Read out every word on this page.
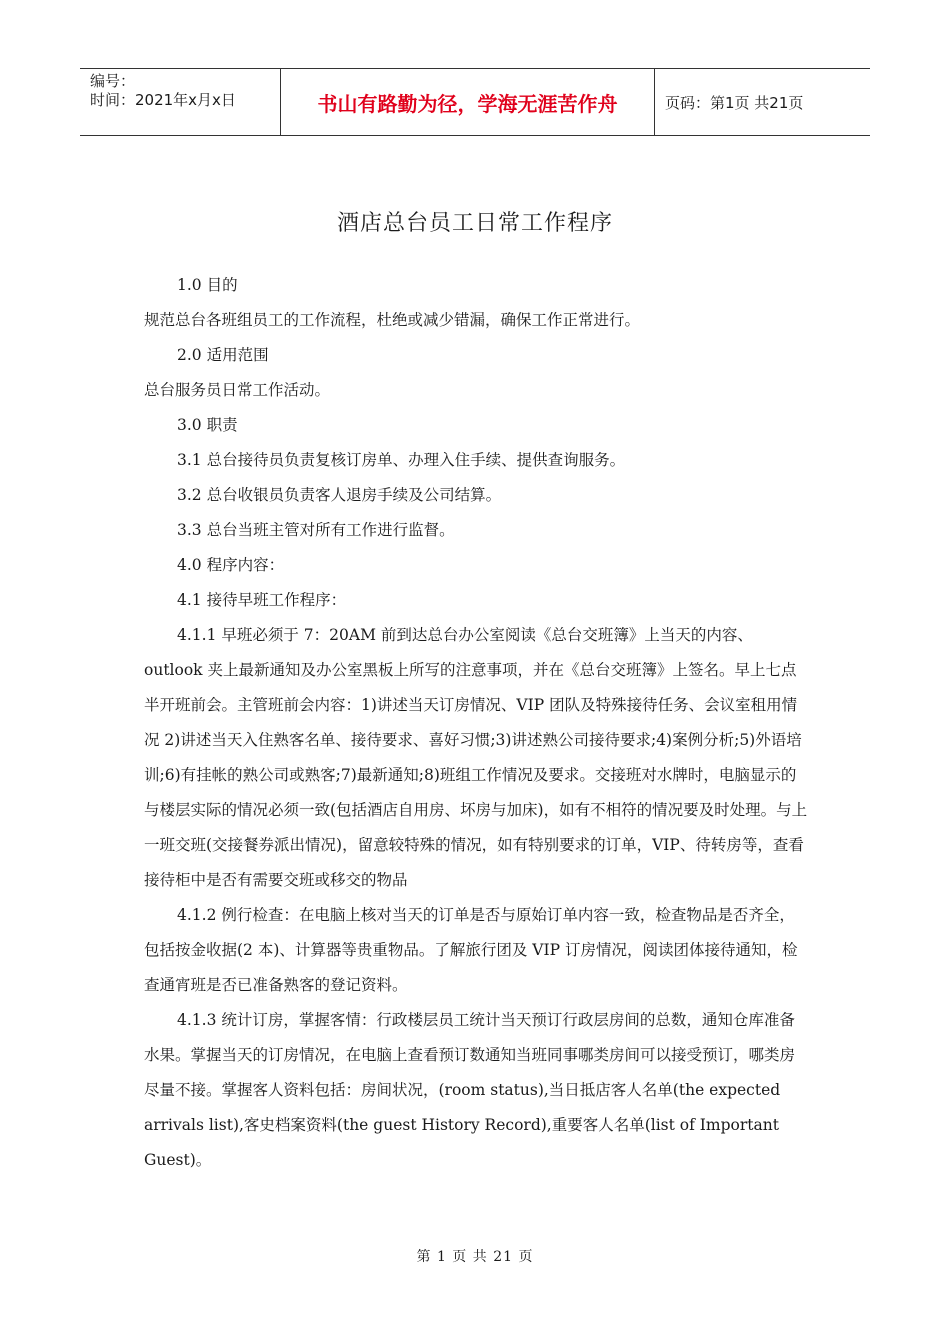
编号：
时间：2021年x月x日	书山有路勤为径，学海无涯苦作舟	页码：第1页 共21页
酒店总台员工日常工作程序

1.0 目的

规范总台各班组员工的工作流程，杜绝或减少错漏，确保工作正常进行。

2.0 适用范围

总台服务员日常工作活动。

3.0 职责

3.1 总台接待员负责复核订房单、办理入住手续、提供查询服务。

3.2 总台收银员负责客人退房手续及公司结算。

3.3 总台当班主管对所有工作进行监督。

4.0 程序内容：

4.1 接待早班工作程序：

4.1.1 早班必须于 7：20AM 前到达总台办公室阅读《总台交班簿》上当天的内容、outlook 夹上最新通知及办公室黑板上所写的注意事项，并在《总台交班簿》上签名。早上七点半开班前会。主管班前会内容：1)讲述当天订房情况、VIP 团队及特殊接待任务、会议室租用情况 2)讲述当天入住熟客名单、接待要求、喜好习惯;3)讲述熟公司接待要求;4)案例分析;5)外语培训;6)有挂帐的熟公司或熟客;7)最新通知;8)班组工作情况及要求。交接班对水牌时，电脑显示的与楼层实际的情况必须一致(包括酒店自用房、坏房与加床)，如有不相符的情况要及时处理。与上一班交班(交接餐券派出情况)，留意较特殊的情况，如有特别要求的订单，VIP、待转房等，查看接待柜中是否有需要交班或移交的物品

4.1.2 例行检查：在电脑上核对当天的订单是否与原始订单内容一致，检查物品是否齐全，包括按金收据(2 本)、计算器等贵重物品。了解旅行团及 VIP 订房情况，阅读团体接待通知，检查通宵班是否已准备熟客的登记资料。

4.1.3 统计订房，掌握客情：行政楼层员工统计当天预订行政层房间的总数，通知仓库准备水果。掌握当天的订房情况，在电脑上查看预订数通知当班同事哪类房间可以接受预订，哪类房尽量不接。掌握客人资料包括：房间状况，(room status),当日抵店客人名单(the expected arrivals list),客史档案资料(the guest History Record),重要客人名单(list of Important Guest)。

第 1 页 共 21 页
